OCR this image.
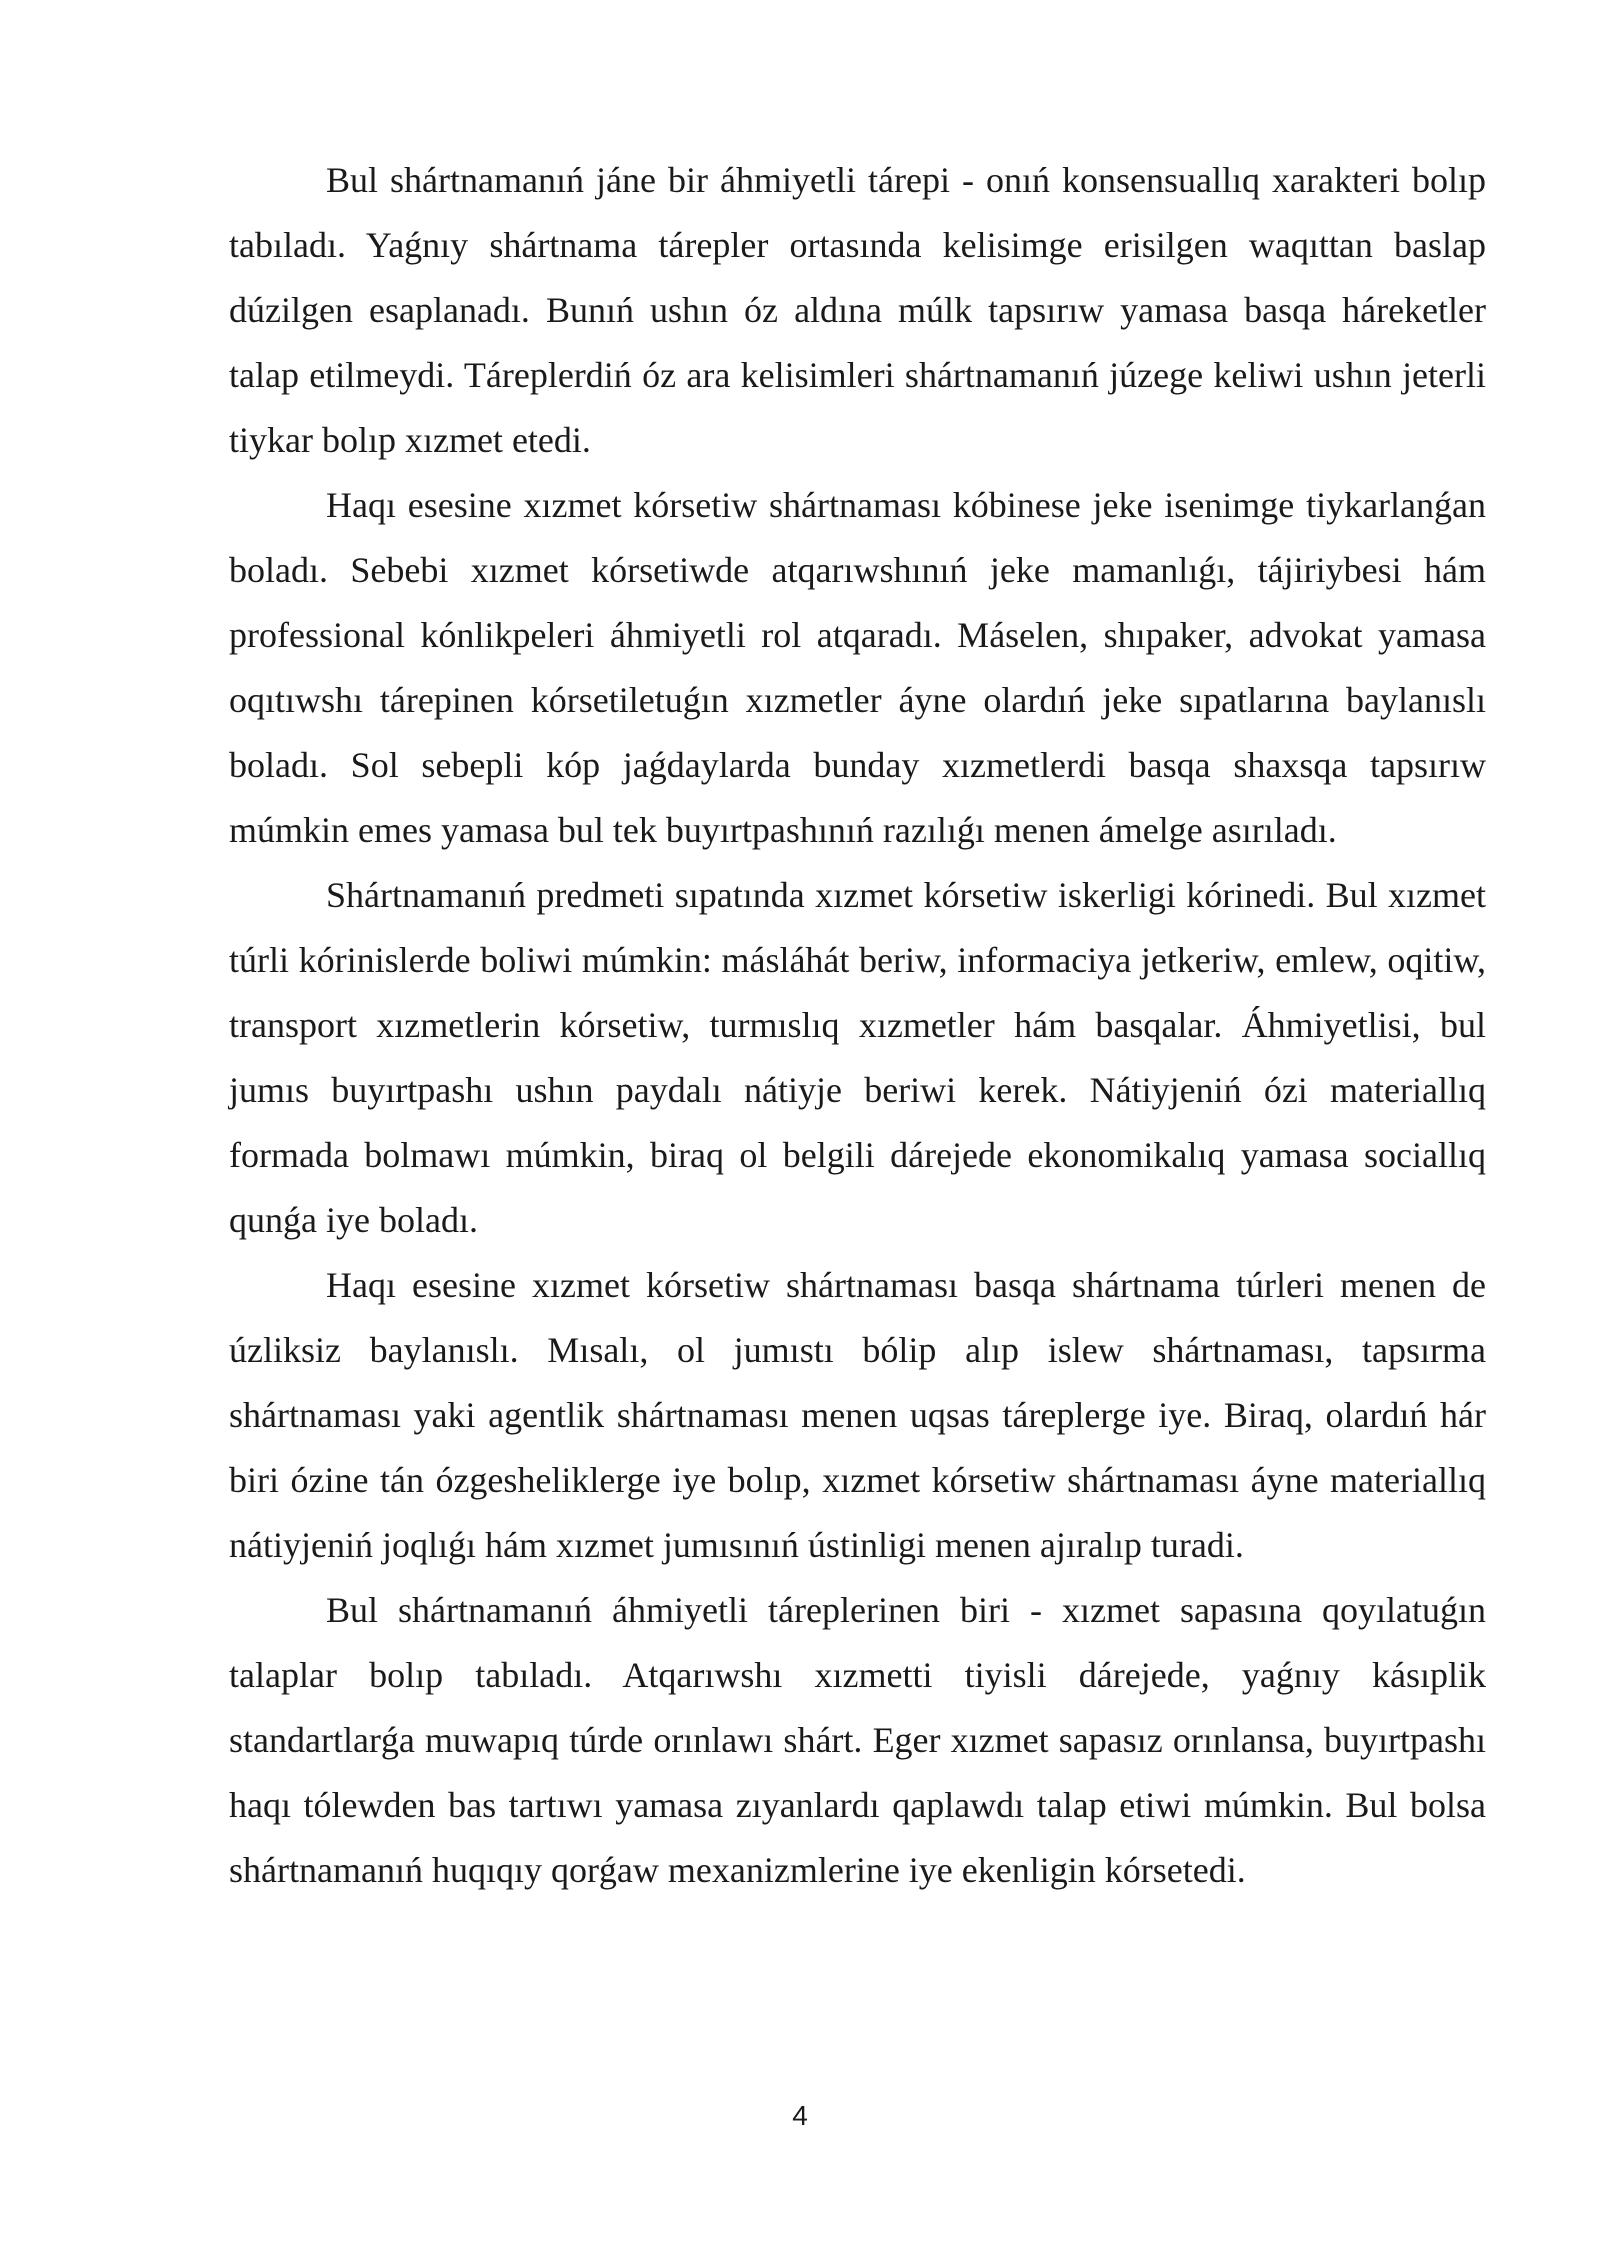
Bul shártnamanıń jáne bir áhmiyetli tárepi - onıń konsensuallıq xarakteri bolıp tabıladı. Yaǵnıy shártnama tárepler ortasında kelisimge erisilgen waqıttan baslap dúzilgen esaplanadı. Bunıń ushın óz aldına múlk tapsırıw yamasa basqa háreketler talap etilmeydi. Táreplerdiń óz ara kelisimleri shártnamanıń júzege keliwi ushın jeterli tiykar bolıp xızmet etedi.

Haqı esesine xızmet kórsetiw shártnaması kóbinese jeke isenimge tiykarlanǵan boladı. Sebebi xızmet kórsetiwde atqarıwshınıń jeke mamanlıǵı, tájiriybesi hám professional kónlikpeleri áhmiyetli rol atqaradı. Máselen, shıpaker, advokat yamasa oqıtıwshı tárepinen kórsetiletuǵın xızmetler áyne olardıń jeke sıpatlarına baylanıslı boladı. Sol sebepli kóp jaǵdaylarda bunday xızmetlerdi basqa shaxsqa tapsırıw múmkin emes yamasa bul tek buyırtpashınıń razılıǵı menen ámelge asırıladı.

Shártnamanıń predmeti sıpatında xızmet kórsetiw iskerligi kórinedi. Bul xızmet túrli kórinislerde boliwi múmkin: másláhát beriw, informaciya jetkeriw, emlew, oqitiw, transport xızmetlerin kórsetiw, turmıslıq xızmetler hám basqalar. Áhmiyetlisi, bul jumıs buyırtpashı ushın paydalı nátiyje beriwi kerek. Nátiyjeniń ózi materiallıq formada bolmawı múmkin, biraq ol belgili dárejede ekonomikalıq yamasa sociallıq qunǵa iye boladı.

Haqı esesine xızmet kórsetiw shártnaması basqa shártnama túrleri menen de úzliksiz baylanıslı. Mısalı, ol jumıstı bólip alıp islew shártnaması, tapsırma shártnaması yaki agentlik shártnaması menen uqsas táreplerge iye. Biraq, olardıń hár biri ózine tán ózgesheliklerge iye bolıp, xızmet kórsetiw shártnaması áyne materiallıq nátiyjeniń joqlıǵı hám xızmet jumısınıń ústinligi menen ajıralıp turadi.

Bul shártnamanıń áhmiyetli táreplerinen biri - xızmet sapasına qoyılatuǵın talaplar bolıp tabıladı. Atqarıwshı xızmetti tiyisli dárejede, yaǵnıy kásıplik standartlarǵa muwapıq túrde orınlawı shárt. Eger xızmet sapasız orınlansa, buyırtpashı haqı tólewden bas tartıwı yamasa zıyanlardı qaplawdı talap etiwi múmkin. Bul bolsa shártnamanıń huqıqıy qorǵaw mexanizmlerine iye ekenligin kórsetedi.

4
